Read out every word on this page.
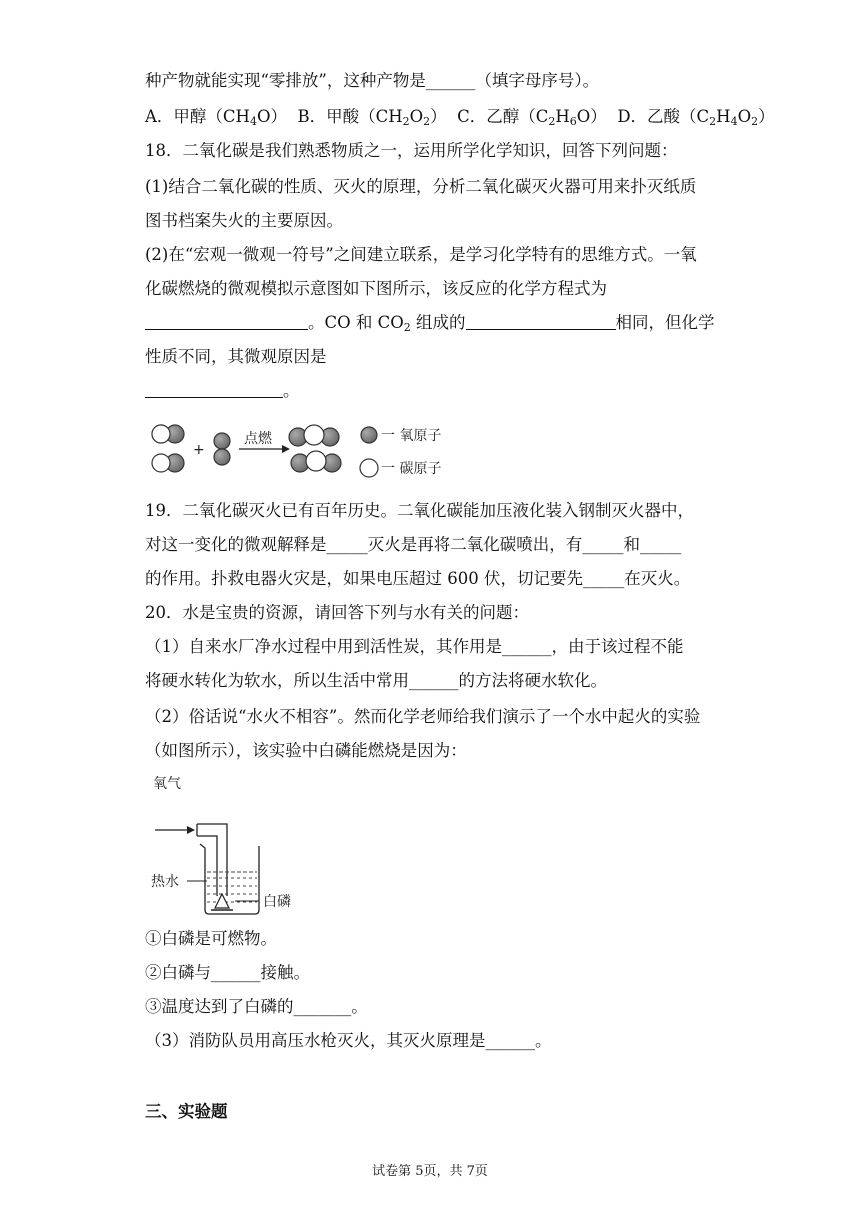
种产物就能实现“零排放”，这种产物是______（填字母序号）。
A．甲醇$(CH_4O)$ B．甲酸$(CH_2O_2)$ C．乙醇$(C_2H_6O)$ D．乙酸$(C_2H_4O_2)$
18．二氧化碳是我们熟悉物质之一，运用所学化学知识，回答下列问题：
(1)结合二氧化碳的性质、灭火的原理，分析二氧化碳灭火器可用来扑灭纸质
图书档案失火的主要原因。
(2)在“宏观一微观一符号”之间建立联系，是学习化学特有的思维方式。一氧
化碳燃烧的微观模拟示意图如下图所示，该反应的化学方程式为
。CO 和 $CO_2$ 组成的	相同，但化学
性质不同，其微观原因是
。
+
点燃	一 氧原子
一 碳原子
19．二氧化碳灭火已有百年历史。二氧化碳能加压液化装入钢制灭火器中，
对这一变化的微观解释是_____灭火是再将二氧化碳喷出，有_____和_____
的作用。扑救电器火灾是，如果电压超过 600 伏，切记要先_____在灭火。
20．水是宝贵的资源，请回答下列与水有关的问题：
（1）自来水厂净水过程中用到活性炭，其作用是______，由于该过程不能
将硬水转化为软水，所以生活中常用______的方法将硬水软化。
（2）俗话说“水火不相容”。然而化学老师给我们演示了一个水中起火的实验
（如图所示），该实验中白磷能燃烧是因为：
氧气
热水
白磷
①白磷是可燃物。
②白磷与______接触。
③温度达到了白磷的_______。
（3）消防队员用高压水枪灭火，其灭火原理是______。
三、实验题
试卷第 5页，共 7页
